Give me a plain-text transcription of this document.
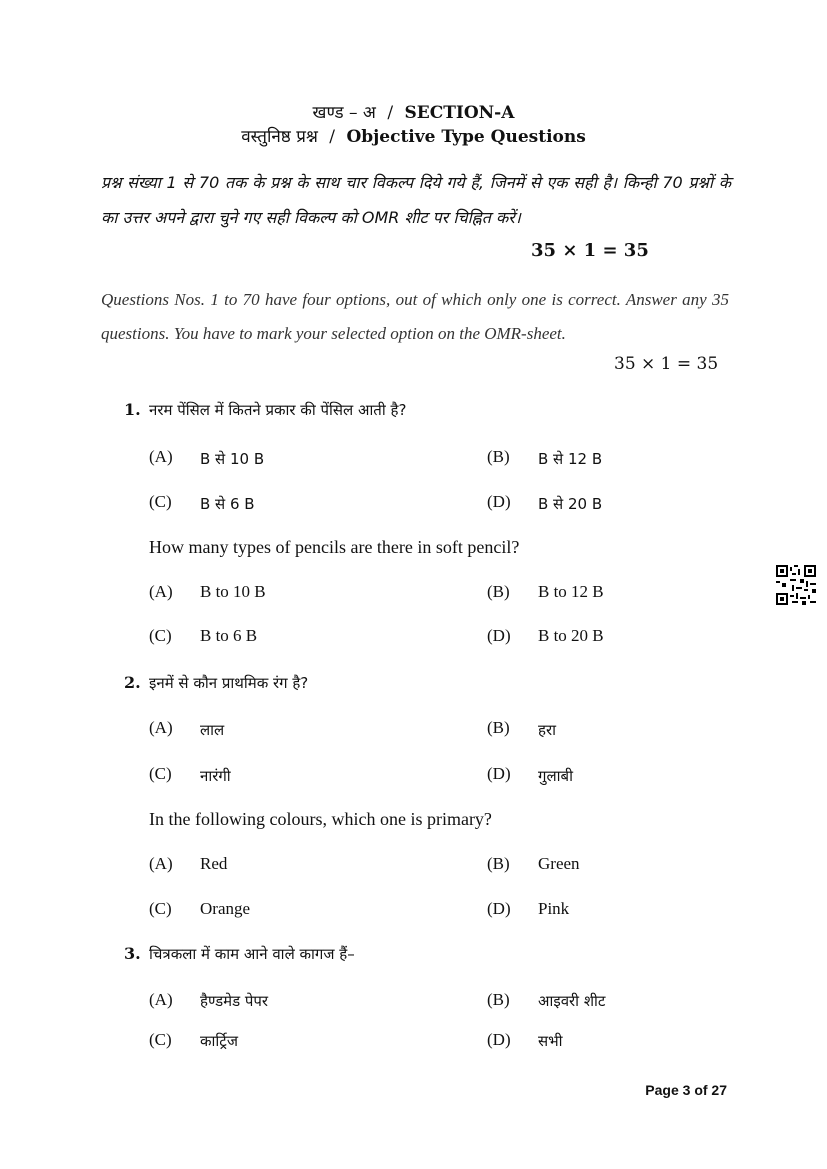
खण्ड – अ / SECTION-A
वस्तुनिष्ठ प्रश्न / Objective Type Questions
प्रश्न संख्या 1 से 70 तक के प्रश्न के साथ चार विकल्प दिये गये हैं, जिनमें से एक सही है। किन्ही 70 प्रश्नों के का उत्तर अपने द्वारा चुने गए सही विकल्प को OMR शीट पर चिह्नित करें।
35 × 1 = 35
Questions Nos. 1 to 70 have four options, out of which only one is correct. Answer any 35 questions. You have to mark your selected option on the OMR-sheet.
35 × 1 = 35
1. नरम पेंसिल में कितने प्रकार की पेंसिल आती है?
(A) B से 10 B	(B) B से 12 B
(C) B से 6 B	(D) B से 20 B
How many types of pencils are there in soft pencil?
(A) B to 10 B	(B) B to 12 B
(C) B to 6 B	(D) B to 20 B
2. इनमें से कौन प्राथमिक रंग है?
(A) लाल	(B) हरा
(C) नारंगी	(D) गुलाबी
In the following colours, which one is primary?
(A) Red	(B) Green
(C) Orange	(D) Pink
3. चित्रकला में काम आने वाले कागज हैं–
(A) हैण्डमेड पेपर	(B) आइवरी शीट
(C) कार्ट्रिज	(D) सभी
Page 3 of 27
